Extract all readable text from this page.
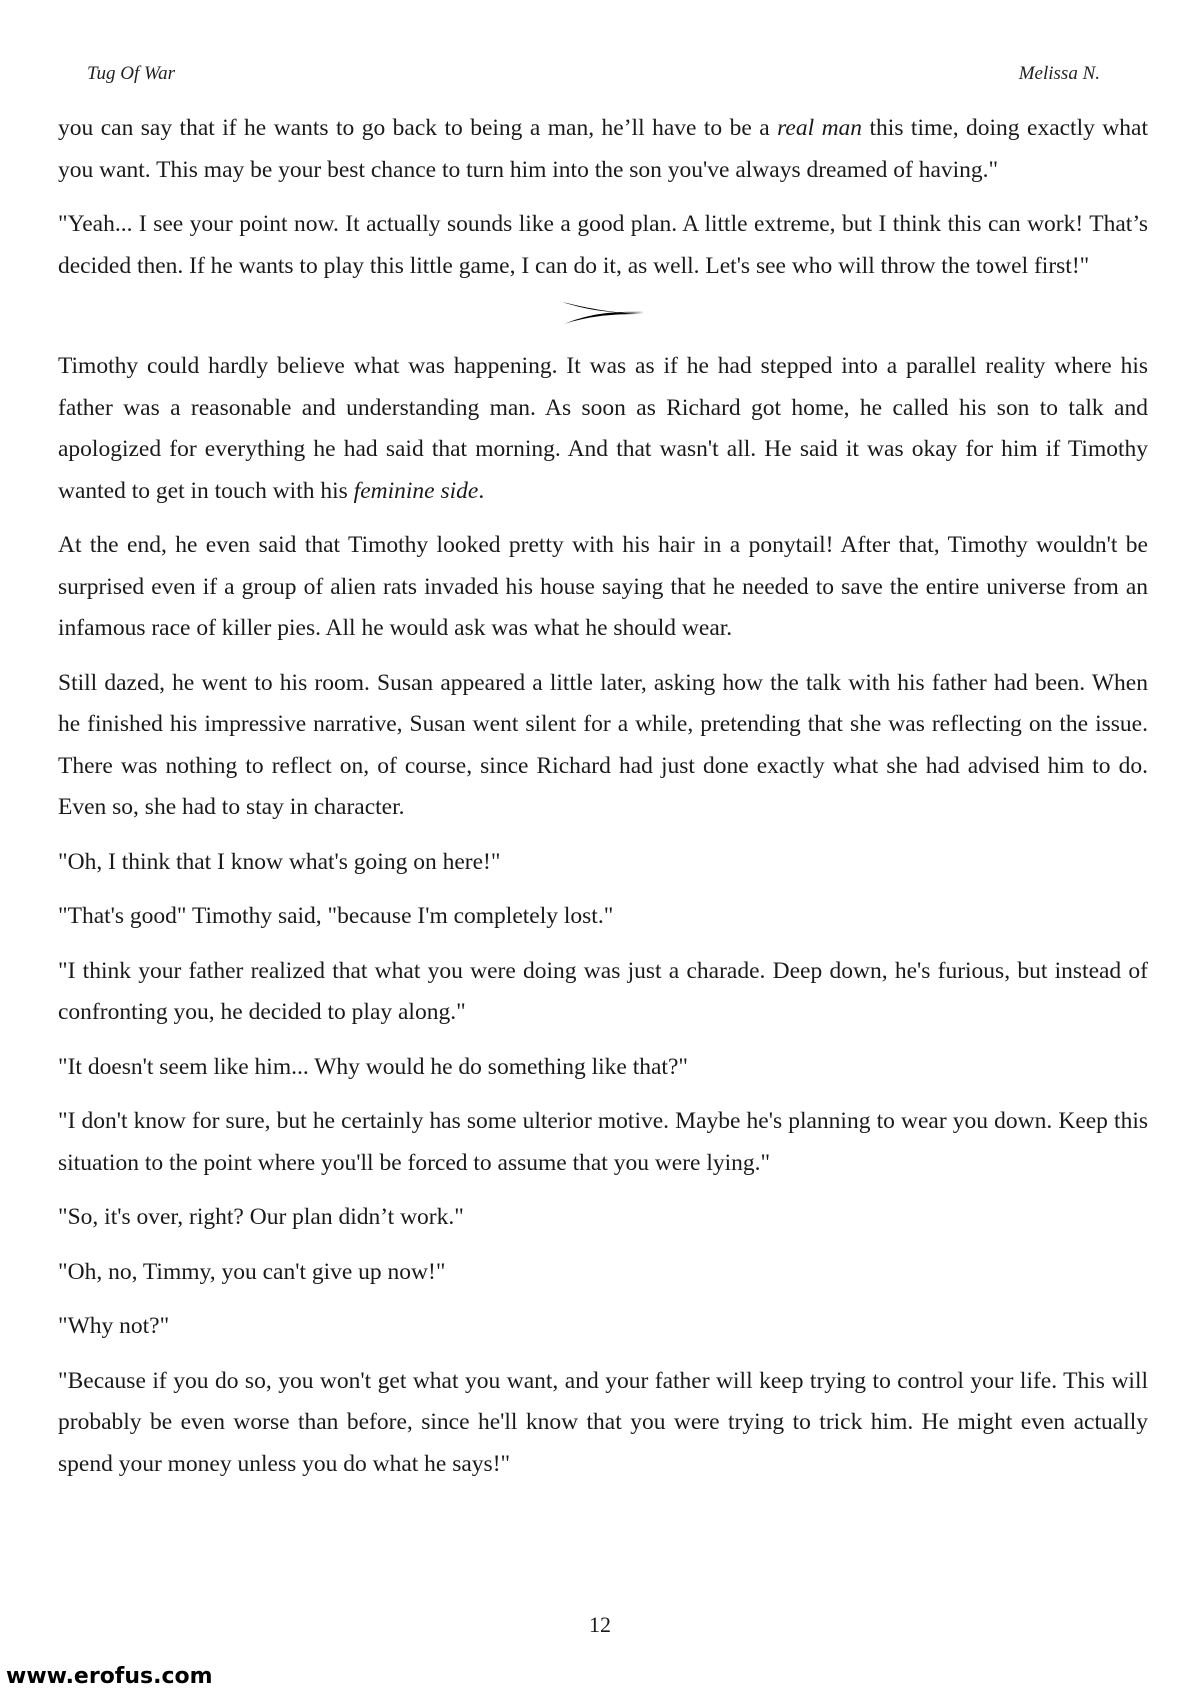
Tug Of War	Melissa N.

you can say that if he wants to go back to being a man, he’ll have to be a real man this time, doing exactly what you want. This may be your best chance to turn him into the son you've always dreamed of having."

"Yeah... I see your point now. It actually sounds like a good plan. A little extreme, but I think this can work! That’s decided then. If he wants to play this little game, I can do it, as well. Let's see who will throw the towel first!"

Timothy could hardly believe what was happening. It was as if he had stepped into a parallel reality where his father was a reasonable and understanding man. As soon as Richard got home, he called his son to talk and apologized for everything he had said that morning. And that wasn't all. He said it was okay for him if Timothy wanted to get in touch with his feminine side.

At the end, he even said that Timothy looked pretty with his hair in a ponytail! After that, Timothy wouldn't be surprised even if a group of alien rats invaded his house saying that he needed to save the entire universe from an infamous race of killer pies. All he would ask was what he should wear.

Still dazed, he went to his room. Susan appeared a little later, asking how the talk with his father had been. When he finished his impressive narrative, Susan went silent for a while, pretending that she was reflecting on the issue. There was nothing to reflect on, of course, since Richard had just done exactly what she had advised him to do. Even so, she had to stay in character.

"Oh, I think that I know what's going on here!"

"That's good" Timothy said, "because I'm completely lost."

"I think your father realized that what you were doing was just a charade. Deep down, he's furious, but instead of confronting you, he decided to play along."

"It doesn't seem like him... Why would he do something like that?"

"I don't know for sure, but he certainly has some ulterior motive. Maybe he's planning to wear you down. Keep this situation to the point where you'll be forced to assume that you were lying."

"So, it's over, right? Our plan didn’t work."

"Oh, no, Timmy, you can't give up now!"

"Why not?"

"Because if you do so, you won't get what you want, and your father will keep trying to control your life. This will probably be even worse than before, since he'll know that you were trying to trick him. He might even actually spend your money unless you do what he says!"

12
www.erofus.com
